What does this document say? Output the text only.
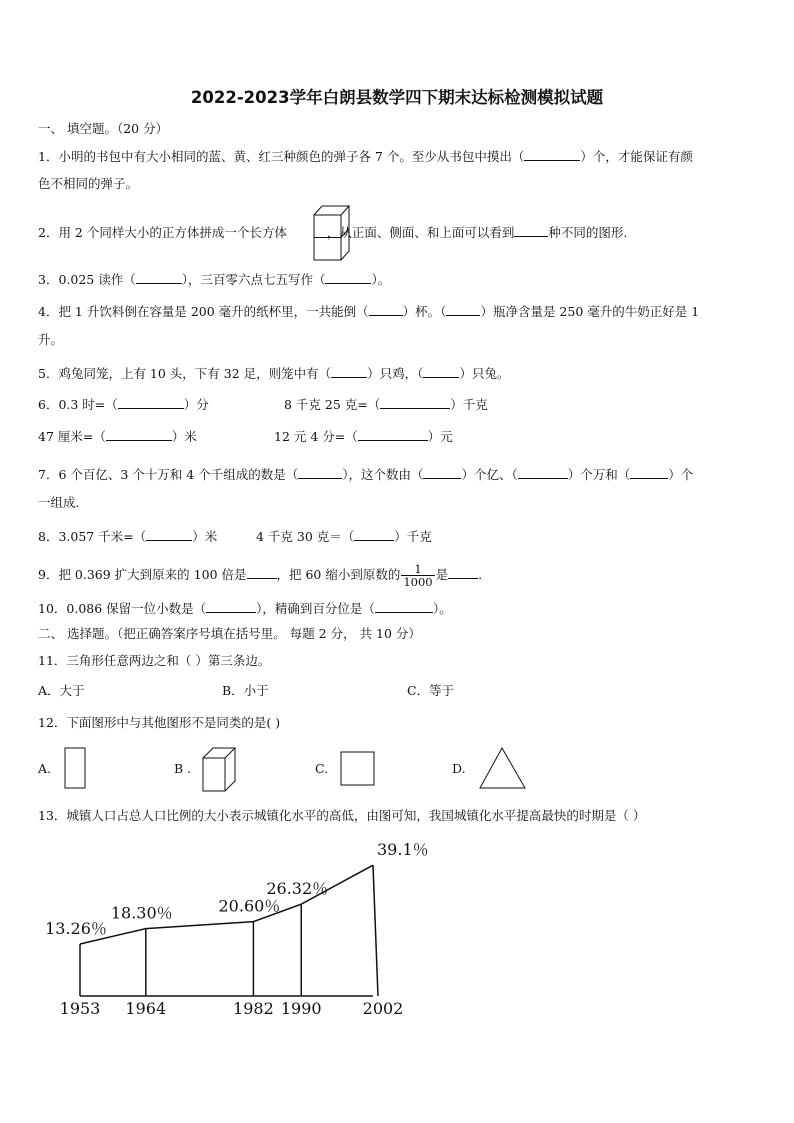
2022-2023学年白朗县数学四下期末达标检测模拟试题
一、 填空题。（20 分）
1．小明的书包中有大小相同的蓝、黄、红三种颜色的弹子各 7 个。至少从书包中摸出（	）个，才能保证有颜
色不相同的弹子。
2．用 2 个同样大小的正方体拼成一个长方体	，从正面、侧面、和上面可以看到	种不同的图形.
3．0.025 读作（	），三百零六点七五写作（	）。
4．把 1 升饮料倒在容量是 200 毫升的纸杯里，一共能倒（	）杯。（	）瓶净含量是 250 毫升的牛奶正好是 1
升。
5．鸡兔同笼，上有 10 头，下有 32 足，则笼中有（	）只鸡，（	）只兔。
6．0.3 时=（	）分	8 千克 25 克=（	）千克
47 厘米=（	）米	12 元 4 分=（	）元
7．6 个百亿、3 个十万和 4 个千组成的数是（	），这个数由（	）个亿、（	）个万和（	）个
一组成.
8．3.057 千米=（	）米	4 千克 30 克＝（	）千克
9．把 0.369 扩大到原来的 100 倍是 ，把 60 缩小到原数的 $\frac{1}{1000}$ 是 .
10．0.086 保留一位小数是（	），精确到百分位是（	）。
二、 选择题。（把正确答案序号填在括号里。 每题 2 分， 共 10 分）
11．三角形任意两边之和（ ）第三条边。
A．大于	B．小于	C．等于
12．下面图形中与其他图形不是同类的是( )
A.	B .	C.	D.
13．城镇人口占总人口比例的大小表示城镇化水平的高低，由图可知，我国城镇化水平提高最快的时期是（ ）
1953 1964	1982 1990	2002
13.26％
18.30％	20.60％
26.32％
39.1％
